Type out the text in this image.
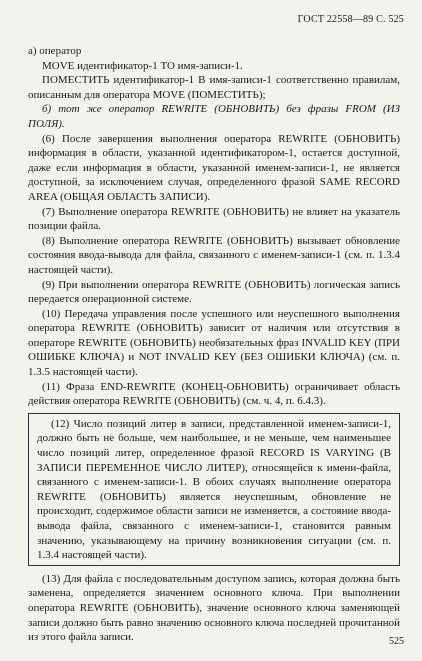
ГОСТ 22558—89 С. 525

а) оператор

MOVE идентификатор-1 TO имя-записи-1.

ПОМЕСТИТЬ идентификатор-1 В имя-записи-1 соответственно правилам, описанным для оператора MOVE (ПОМЕСТИТЬ);

б) тот же оператор REWRITE (ОБНОВИТЬ) без фразы FROM (ИЗ ПОЛЯ).

(6) После завершения выполнения оператора REWRITE (ОБНОВИТЬ) информация в области, указанной идентификатором-1, остается доступной, даже если информация в области, указанной именем-записи-1, не является доступной, за исключением случая, определенного фразой SAME RECORD AREA (ОБЩАЯ ОБЛАСТЬ ЗАПИСИ).

(7) Выполнение оператора REWRITE (ОБНОВИТЬ) не влияет на указатель позиции файла.

(8) Выполнение оператора REWRITE (ОБНОВИТЬ) вызывает обновление состояния ввода-вывода для файла, связанного с именем-записи-1 (см. п. 1.3.4 настоящей части).

(9) При выполнении оператора REWRITE (ОБНОВИТЬ) логическая запись передается операционной системе.

(10) Передача управления после успешного или неуспешного выполнения оператора REWRITE (ОБНОВИТЬ) зависит от наличия или отсутствия в операторе REWRITE (ОБНОВИТЬ) необязательных фраз INVALID KEY (ПРИ ОШИБКЕ КЛЮЧА) и NOT INVALID KEY (БЕЗ ОШИБКИ КЛЮЧА) (см. п. 1.3.5 настоящей части).

(11) Фраза END-REWRITE (КОНЕЦ-ОБНОВИТЬ) ограничивает область действия оператора REWRITE (ОБНОВИТЬ) (см. ч. 4, п. 6.4.3).

(12) Число позиций литер в записи, представленной именем-записи-1, должно быть не больше, чем наибольшее, и не меньше, чем наименьшее число позиций литер, определенное фразой RECORD IS VARYING (В ЗАПИСИ ПЕРЕМЕННОЕ ЧИСЛО ЛИТЕР), относящейся к имени-файла, связанного с именем-записи-1. В обоих случаях выполнение оператора REWRITE (ОБНОВИТЬ) является неуспешным, обновление не происходит, содержимое области записи не изменяется, а состояние ввода-вывода файла, связанного с именем-записи-1, становится равным значению, указывающему на причину возникновения ситуации (см. п. 1.3.4 настоящей части).

(13) Для файла с последовательным доступом запись, которая должна быть заменена, определяется значением основного ключа. При выполнении оператора REWRITE (ОБНОВИТЬ), значение основного ключа заменяющей записи должно быть равно значению основного ключа последней прочитанной из этого файла записи.	525
